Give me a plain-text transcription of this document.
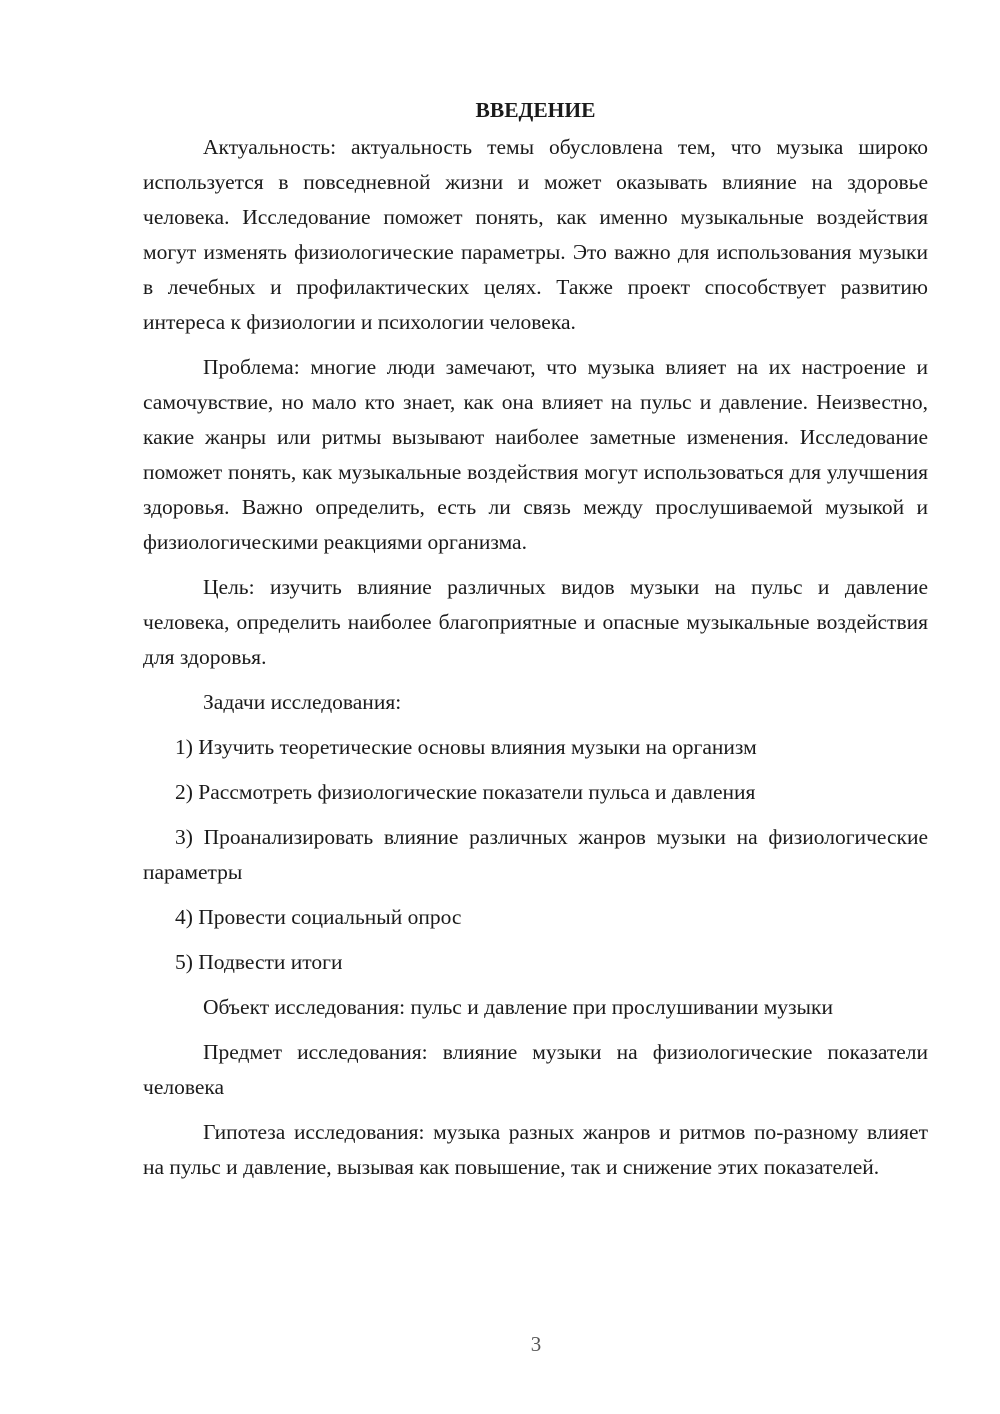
ВВЕДЕНИЕ

Актуальность: актуальность темы обусловлена тем, что музыка широко используется в повседневной жизни и может оказывать влияние на здоровье человека. Исследование поможет понять, как именно музыкальные воздействия могут изменять физиологические параметры. Это важно для использования музыки в лечебных и профилактических целях. Также проект способствует развитию интереса к физиологии и психологии человека.

Проблема: многие люди замечают, что музыка влияет на их настроение и самочувствие, но мало кто знает, как она влияет на пульс и давление. Неизвестно, какие жанры или ритмы вызывают наиболее заметные изменения. Исследование поможет понять, как музыкальные воздействия могут использоваться для улучшения здоровья. Важно определить, есть ли связь между прослушиваемой музыкой и физиологическими реакциями организма.

Цель: изучить влияние различных видов музыки на пульс и давление человека, определить наиболее благоприятные и опасные музыкальные воздействия для здоровья.

Задачи исследования:

1) Изучить теоретические основы влияния музыки на организм

2) Рассмотреть физиологические показатели пульса и давления

3) Проанализировать влияние различных жанров музыки на физиологические параметры

4) Провести социальный опрос

5) Подвести итоги

Объект исследования: пульс и давление при прослушивании музыки

Предмет исследования: влияние музыки на физиологические показатели человека

Гипотеза исследования: музыка разных жанров и ритмов по-разному влияет на пульс и давление, вызывая как повышение, так и снижение этих показателей.

3
